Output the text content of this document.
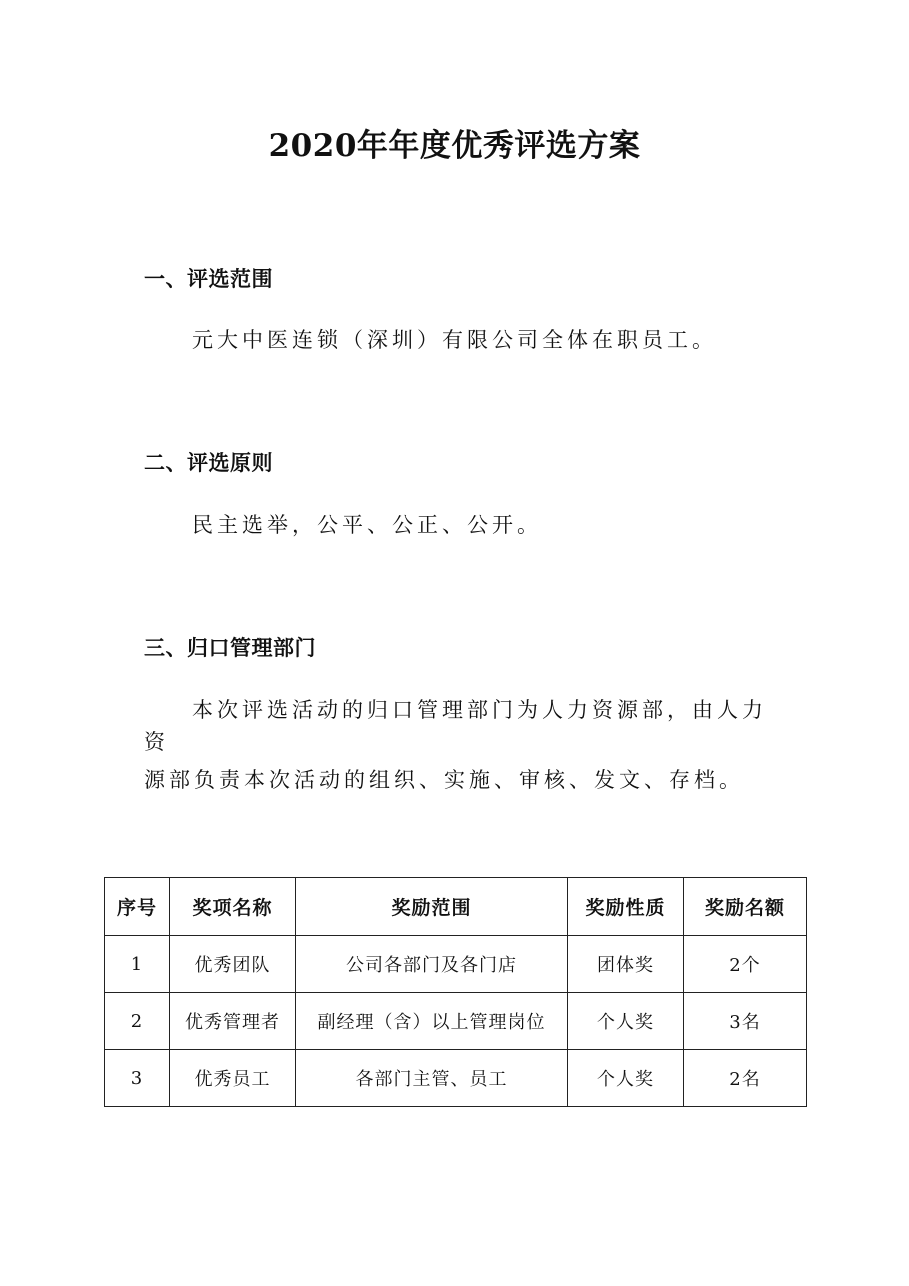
2020年年度优秀评选方案
一、评选范围
元大中医连锁（深圳）有限公司全体在职员工。
二、评选原则
民主选举，公平、公正、公开。
三、归口管理部门
本次评选活动的归口管理部门为人力资源部，由人力资
源部负责本次活动的组织、实施、审核、发文、存档。
序号	奖项名称	奖励范围	奖励性质	奖励名额
1	优秀团队	公司各部门及各门店	团体奖	2个
2	优秀管理者	副经理（含）以上管理岗位	个人奖	3名
3	优秀员工	各部门主管、员工	个人奖	2名
